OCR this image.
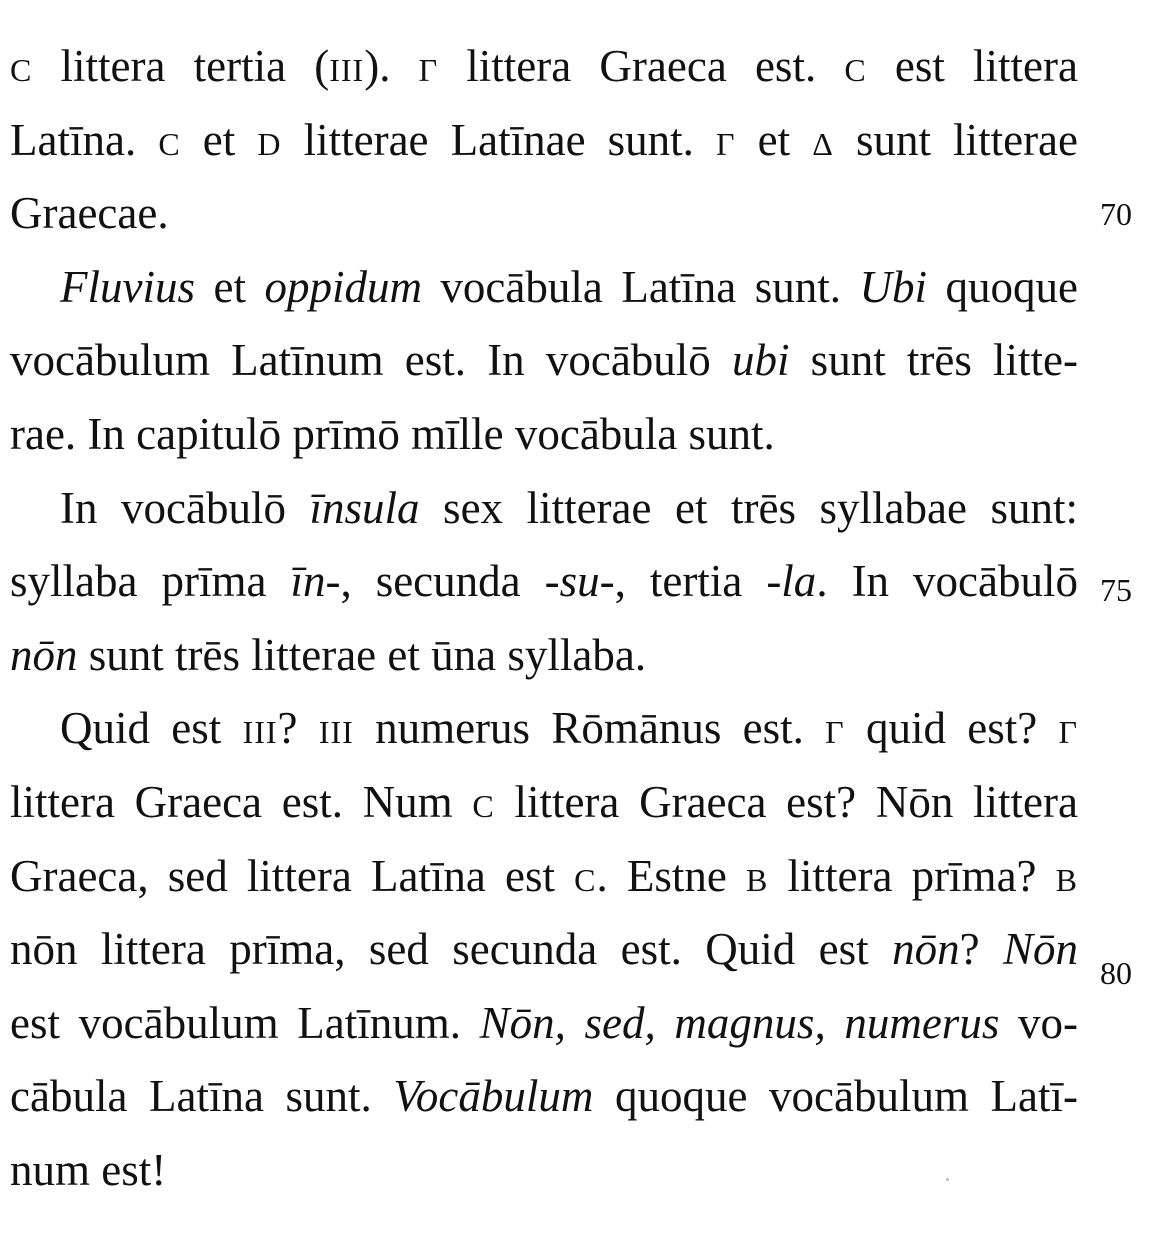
c littera tertia (iii). γ littera Graeca est. c est littera
Latīna. c et d litterae Latīnae sunt. γ et δ sunt litterae
Graecae.
Fluvius et oppidum vocābula Latīna sunt. Ubi quoque
vocābulum Latīnum est. In vocābulō ubi sunt trēs litte-
rae. In capitulō prīmō mīlle vocābula sunt.
In vocābulō īnsula sex litterae et trēs syllabae sunt:
syllaba prīma īn-, secunda -su-, tertia -la. In vocābulō
nōn sunt trēs litterae et ūna syllaba.
Quid est iii? iii numerus Rōmānus est. γ quid est? γ
littera Graeca est. Num c littera Graeca est? Nōn littera
Graeca, sed littera Latīna est c. Estne b littera prīma? b
nōn littera prīma, sed secunda est. Quid est nōn? Nōn
est vocābulum Latīnum. Nōn, sed, magnus, numerus vo-
cābula Latīna sunt. Vocābulum quoque vocābulum Latī-
num est!
70
75
80
